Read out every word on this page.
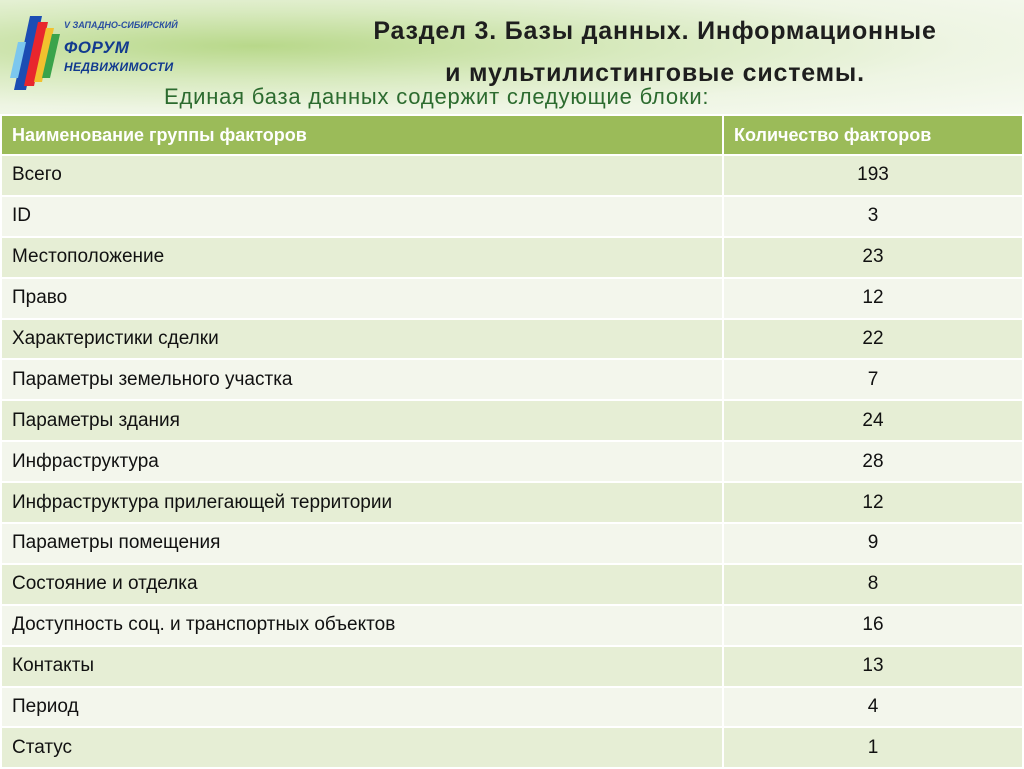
V ЗАПАДНО-СИБИРСКИЙ
ФОРУМ
НЕДВИЖИМОСТИ
Раздел 3. Базы данных. Информационные
и мультилистинговые системы.
Единая база данных содержит следующие блоки:
Наименование группы факторов	Количество факторов
Всего	193
ID	3
Местоположение	23
Право	12
Характеристики сделки	22
Параметры земельного участка	7
Параметры здания	24
Инфраструктура	28
Инфраструктура прилегающей территории	12
Параметры помещения	9
Состояние и отделка	8
Доступность соц. и транспортных объектов	16
Контакты	13
Период	4
Статус	1
